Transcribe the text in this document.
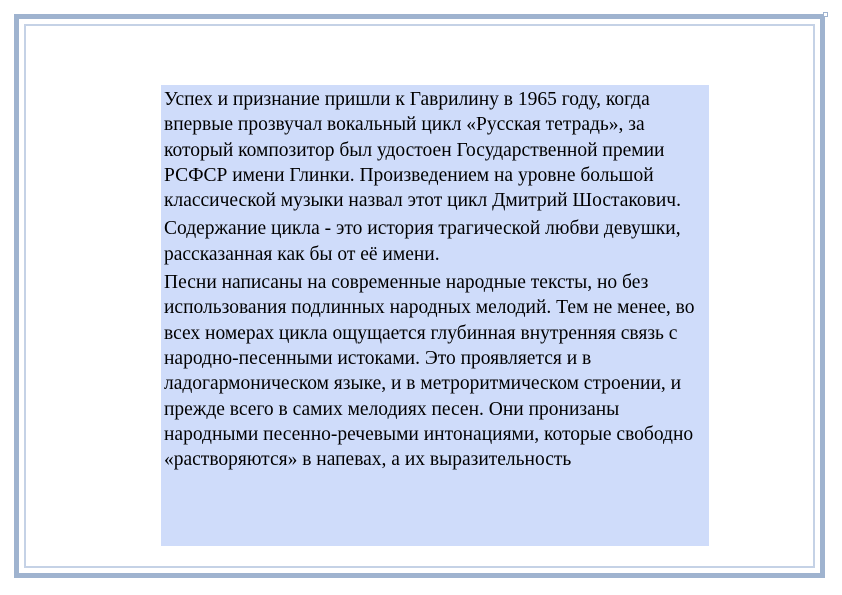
Успех и признание пришли к Гаврилину в 1965 году, когда впервые прозвучал вокальный цикл «Русская тетрадь», за который композитор был удостоен Государственной премии РСФСР имени Глинки. Произведением на уровне большой классической музыки назвал этот цикл Дмитрий Шостакович.

Содержание цикла - это история трагической любви девушки, рассказанная как бы от её имени.

Песни написаны на современные народные тексты, но без использования подлинных народных мелодий. Тем не менее, во всех номерах цикла ощущается глубинная внутренняя связь с народно-песенными истоками. Это проявляется и в ладогармоническом языке, и в метроритмическом строении, и прежде всего в самих мелодиях песен. Они пронизаны народными песенно-речевыми интонациями, которые свободно «растворяются» в напевах, а их выразительность
